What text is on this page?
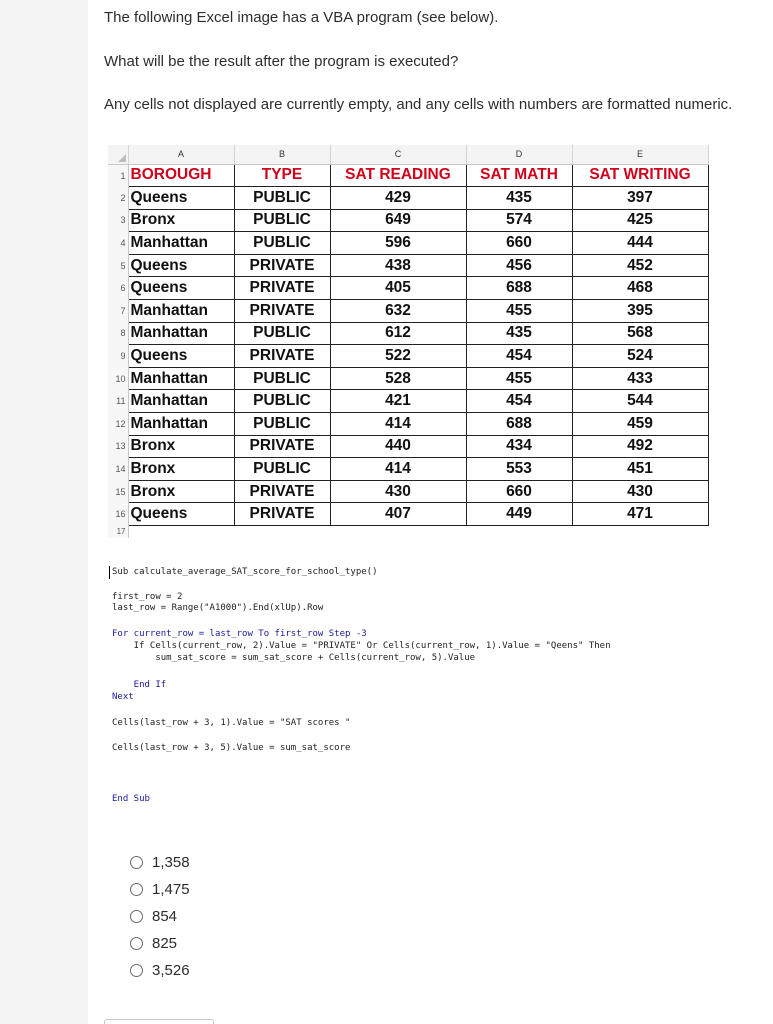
The following Excel image has a VBA program (see below).

What will be the result after the program is executed?

Any cells not displayed are currently empty, and any cells with numbers are formatted numeric.

	A	B	C	D	E
1	BOROUGH	TYPE	SAT READING	SAT MATH	SAT WRITING
2	Queens	PUBLIC	429	435	397
3	Bronx	PUBLIC	649	574	425
4	Manhattan	PUBLIC	596	660	444
5	Queens	PRIVATE	438	456	452
6	Queens	PRIVATE	405	688	468
7	Manhattan	PRIVATE	632	455	395
8	Manhattan	PUBLIC	612	435	568
9	Queens	PRIVATE	522	454	524
10	Manhattan	PUBLIC	528	455	433
11	Manhattan	PUBLIC	421	454	544
12	Manhattan	PUBLIC	414	688	459
13	Bronx	PRIVATE	440	434	492
14	Bronx	PUBLIC	414	553	451
15	Bronx	PRIVATE	430	660	430
16	Queens	PRIVATE	407	449	471
17					
Sub calculate_average_SAT_score_for_school_type()
first_row = 2
last_row = Range("A1000").End(xlUp).Row
For current_row = last_row To first_row Step -3
If Cells(current_row, 2).Value = "PRIVATE" Or Cells(current_row, 1).Value = "Qeens" Then
sum_sat_score = sum_sat_score + Cells(current_row, 5).Value
End If
Next
Cells(last_row + 3, 1).Value = "SAT scores "
Cells(last_row + 3, 5).Value = sum_sat_score
End Sub
1,358
1,475
854
825
3,526
